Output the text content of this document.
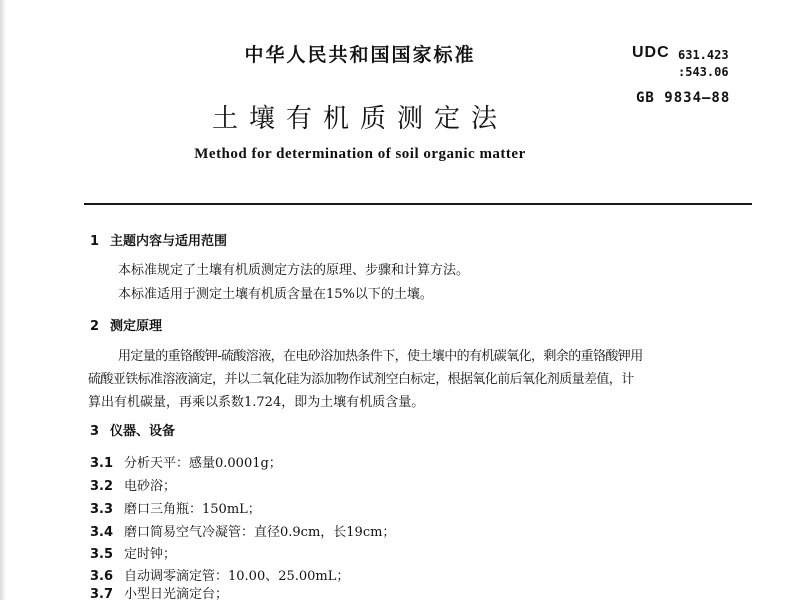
中华人民共和国国家标准	UDC 631.423
:543.06
GB 9834—88
土壤有机质测定法
Method for determination of soil organic matter
1 主题内容与适用范围
本标准规定了土壤有机质测定方法的原理、步骤和计算方法。
本标准适用于测定土壤有机质含量在15%以下的土壤。
2 测定原理
用定量的重铬酸钾-硫酸溶液，在电砂浴加热条件下，使土壤中的有机碳氧化，剩余的重铬酸钾用
硫酸亚铁标准溶液滴定，并以二氧化硅为添加物作试剂空白标定，根据氧化前后氧化剂质量差值，计
算出有机碳量，再乘以系数1.724，即为土壤有机质含量。
3 仪器、设备
3.1 分析天平：感量0.0001g；
3.2 电砂浴；
3.3 磨口三角瓶：150mL；
3.4 磨口简易空气冷凝管：直径0.9cm，长19cm；
3.5 定时钟；
3.6 自动调零滴定管：10.00、25.00mL；
3.7 小型日光滴定台；
